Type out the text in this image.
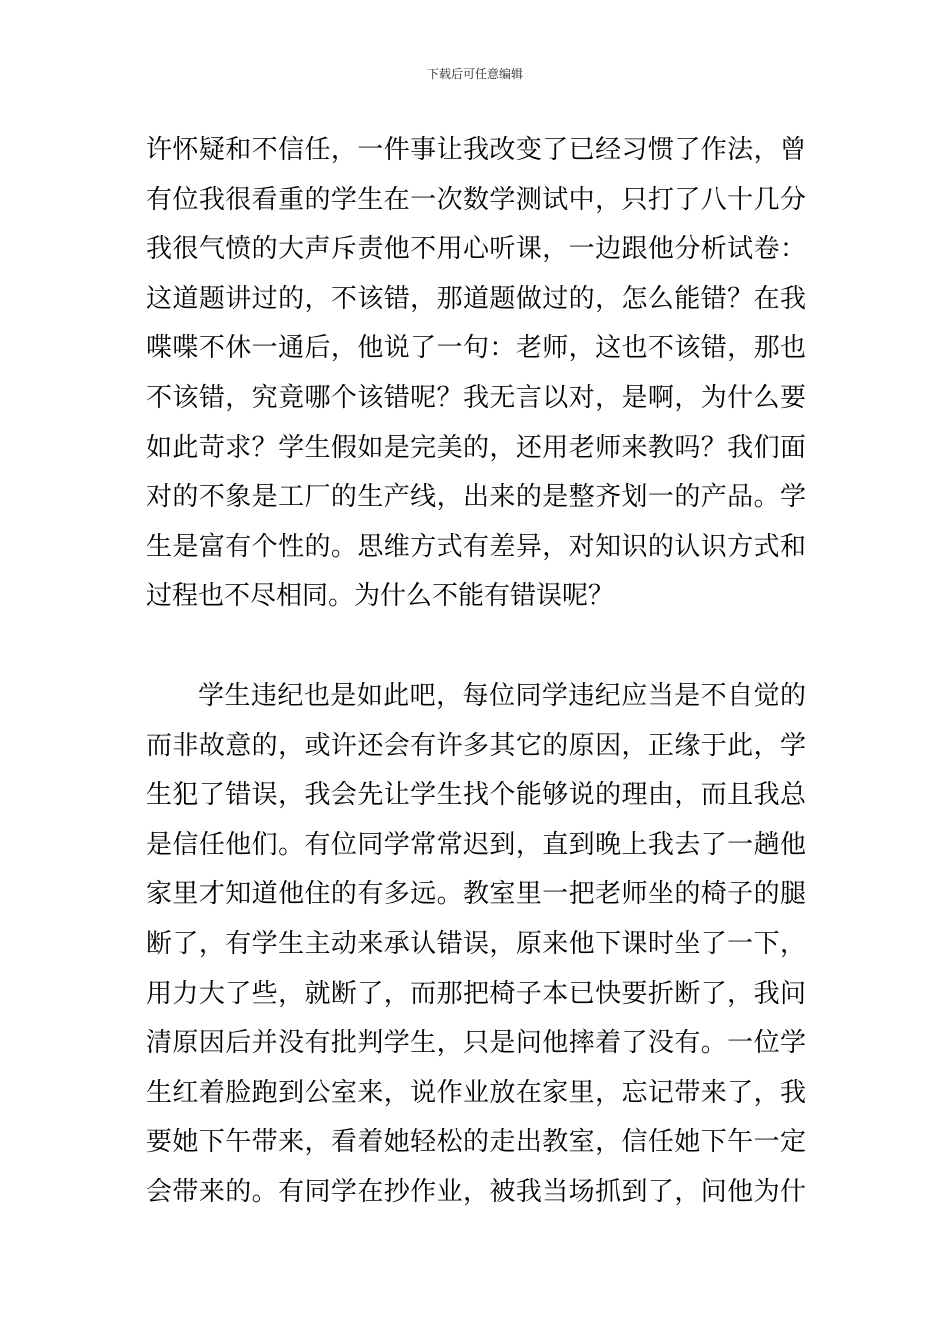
下载后可任意编辑
许怀疑和不信任，一件事让我改变了已经习惯了作法，曾
有位我很看重的学生在一次数学测试中，只打了八十几分
我很气愤的大声斥责他不用心听课，一边跟他分析试卷：
这道题讲过的，不该错，那道题做过的，怎么能错？在我
喋喋不休一通后，他说了一句：老师，这也不该错，那也
不该错，究竟哪个该错呢？我无言以对，是啊，为什么要
如此苛求？学生假如是完美的，还用老师来教吗？我们面
对的不象是工厂的生产线，出来的是整齐划一的产品。学
生是富有个性的。思维方式有差异，对知识的认识方式和
过程也不尽相同。为什么不能有错误呢？
学生违纪也是如此吧，每位同学违纪应当是不自觉的
而非故意的，或许还会有许多其它的原因，正缘于此，学
生犯了错误，我会先让学生找个能够说的理由，而且我总
是信任他们。有位同学常常迟到，直到晚上我去了一趟他
家里才知道他住的有多远。教室里一把老师坐的椅子的腿
断了，有学生主动来承认错误，原来他下课时坐了一下，
用力大了些，就断了，而那把椅子本已快要折断了，我问
清原因后并没有批判学生，只是问他摔着了没有。一位学
生红着脸跑到公室来，说作业放在家里，忘记带来了，我
要她下午带来，看着她轻松的走出教室，信任她下午一定
会带来的。有同学在抄作业，被我当场抓到了，问他为什
